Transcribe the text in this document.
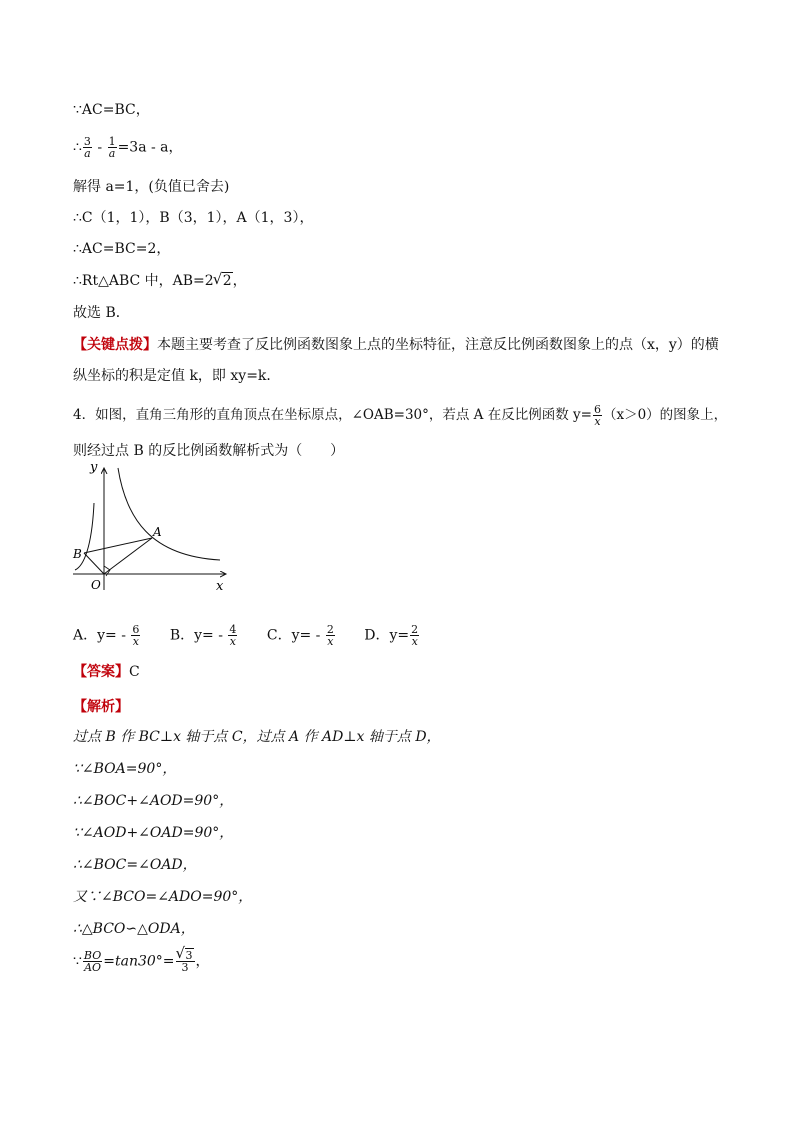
∵AC=BC，
∴ $\frac{3}{a} - \frac{1}{a} =3a - a$，
解得 a=1，(负值已舍去)
∴C（1，1），B（3，1），A（1，3），
∴AC=BC=2，
∴Rt△ABC 中，AB=2 √ 2，
故选 B．
【关键点拨】本题主要考查了反比例函数图象上点的坐标特征，注意反比例函数图象上的点（x，y）的横
纵坐标的积是定值 k，即 xy=k．
4．如图，直角三角形的直角顶点在坐标原点，∠OAB=30°，若点 A 在反比例函数 $y= \frac{6}{x} (x>0)$的图象上，
则经过点 B 的反比例函数解析式为（　　）
y
x
O
A
B
A．$y= - \frac{6}{x}$ B．$y= - \frac{4}{x}$ C．$y= - \frac{2}{x}$ D．$y= \frac{2}{x}$
【答案】C
【解析】
过点 B 作 BC⊥x 轴于点 C，过点 A 作 AD⊥x 轴于点 D，
∵∠BOA=90°，
∴∠BOC+∠AOD=90°，
∵∠AOD+∠OAD=90°，
∴∠BOC=∠OAD，
又∵∠BCO=∠ADO=90°，
∴△BCO∽△ODA，
∵ $\frac{BO}{AO} =\tan 30^\circ=$ √ $\frac{3}{3}$ ，
